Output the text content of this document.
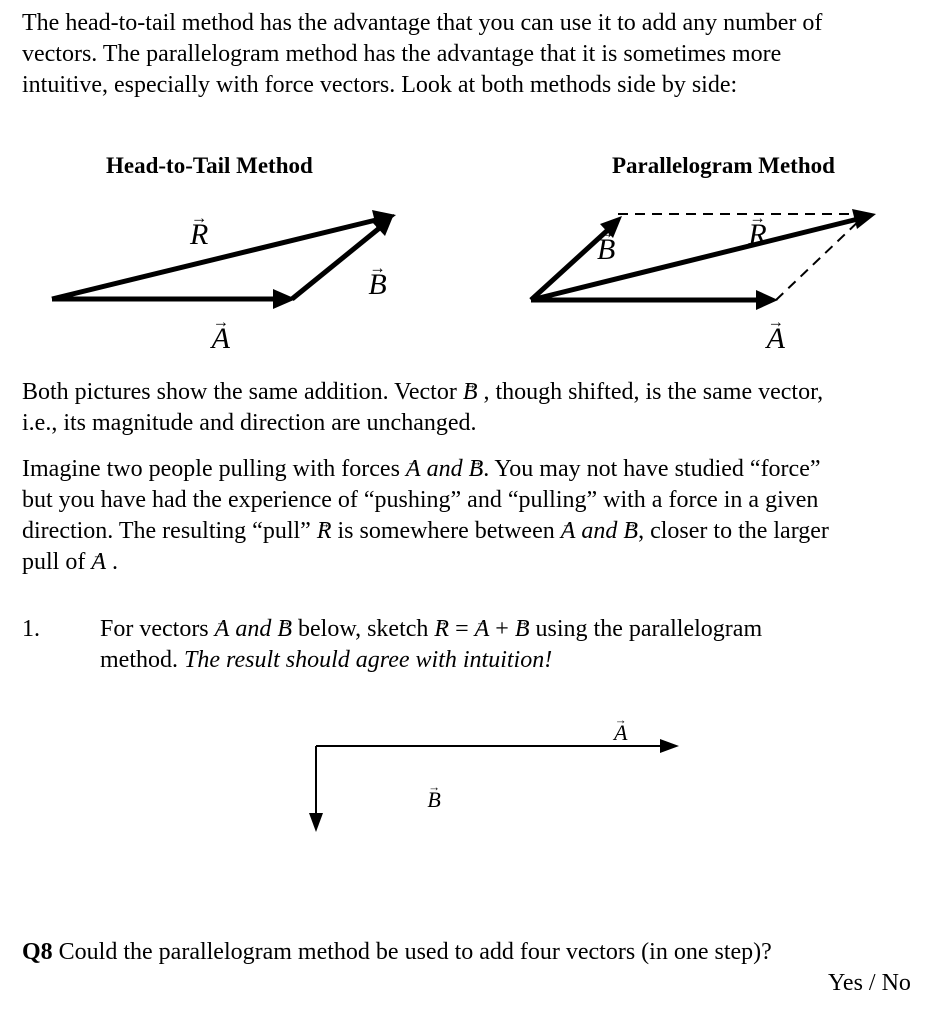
The head-to-tail method has the advantage that you can use it to add any number of
vectors. The parallelogram method has the advantage that it is sometimes more
intuitive, especially with force vectors. Look at both methods side by side:
Head-to-Tail Method	Parallelogram Method
→ R → B → A → B →	R → A
Both pictures show the same addition. Vector → B , though shifted, is the same vector,
i.e., its magnitude and direction are unchanged.
Imagine two people pulling with forces → A and → B. You may not have studied “force”
but you have had the experience of “pushing” and “pulling” with a force in a given
direction. The resulting “pull” → R is somewhere between → A and → B, closer to the larger
pull of → A .
1.	For vectors → A and → B below, sketch → R = → A + → B using the parallelogram
method. The result should agree with intuition!
→ A → B
Q8 Could the parallelogram method be used to add four vectors (in one step)?
Yes / No
